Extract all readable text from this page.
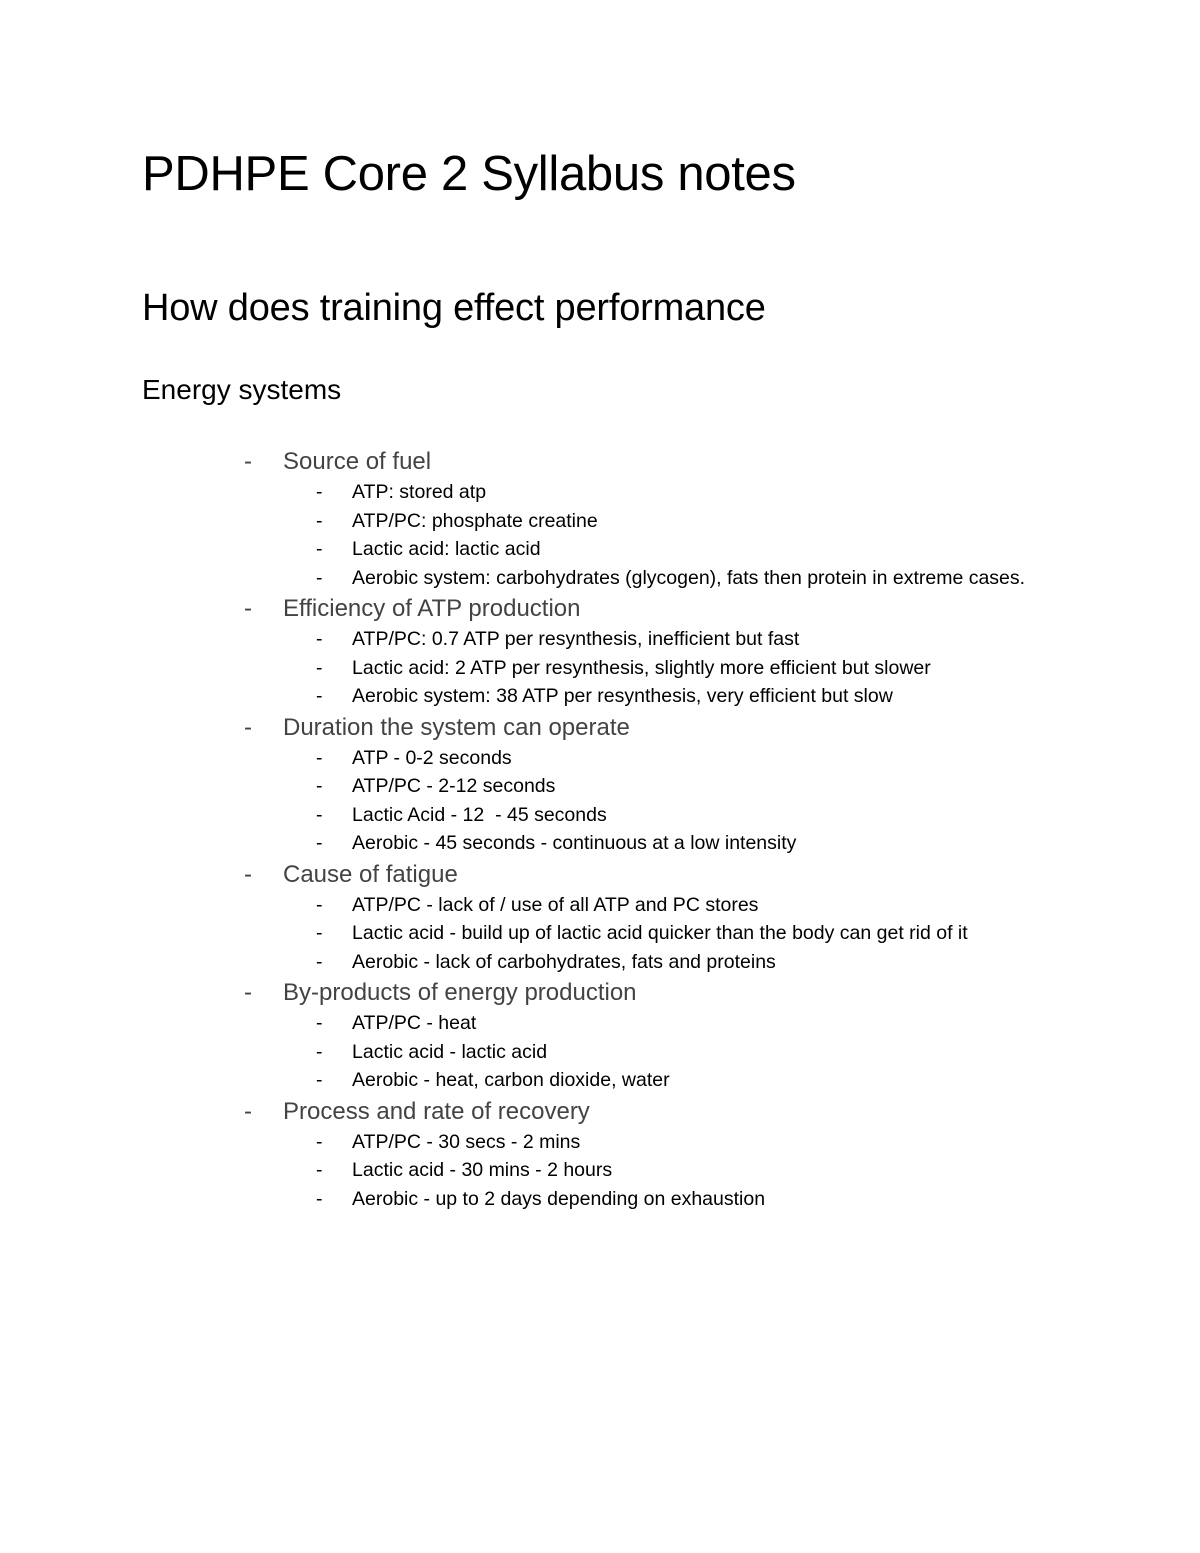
PDHPE Core 2 Syllabus notes
How does training effect performance
Energy systems
-	Source of fuel
- ATP: stored atp
- ATP/PC: phosphate creatine
- Lactic acid: lactic acid
- Aerobic system: carbohydrates (glycogen), fats then protein in extreme cases.
-	Efficiency of ATP production
- ATP/PC: 0.7 ATP per resynthesis, inefficient but fast
- Lactic acid: 2 ATP per resynthesis, slightly more efficient but slower
- Aerobic system: 38 ATP per resynthesis, very efficient but slow
-	Duration the system can operate
- ATP - 0-2 seconds
- ATP/PC - 2-12 seconds
- Lactic Acid - 12  - 45 seconds
- Aerobic - 45 seconds - continuous at a low intensity
-	Cause of fatigue
- ATP/PC - lack of / use of all ATP and PC stores
- Lactic acid - build up of lactic acid quicker than the body can get rid of it
- Aerobic - lack of carbohydrates, fats and proteins
-	By-products of energy production
- ATP/PC - heat
- Lactic acid - lactic acid
- Aerobic - heat, carbon dioxide, water
-	Process and rate of recovery
- ATP/PC - 30 secs - 2 mins
- Lactic acid - 30 mins - 2 hours
- Aerobic - up to 2 days depending on exhaustion
